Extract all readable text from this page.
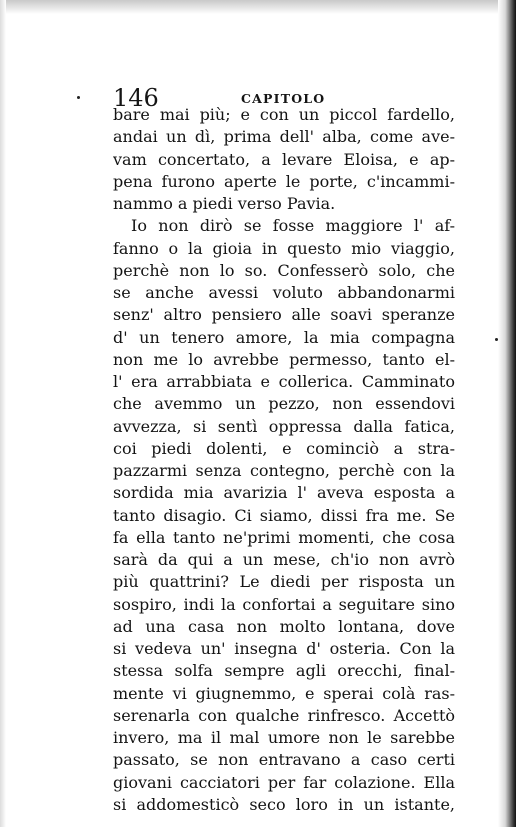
146	CAPITOLO
bare mai più; e con un piccol fardello,
andai un dì, prima dell' alba, come ave-
vam concertato, a levare Eloisa, e ap-
pena furono aperte le porte, c'incammi-
nammo a piedi verso Pavia.
Io non dirò se fosse maggiore l' af-
fanno o la gioia in questo mio viaggio,
perchè non lo so. Confesserò solo, che
se anche avessi voluto abbandonarmi
senz' altro pensiero alle soavi speranze
d' un tenero amore, la mia compagna
non me lo avrebbe permesso, tanto el-
l' era arrabbiata e collerica. Camminato
che avemmo un pezzo, non essendovi
avvezza, si sentì oppressa dalla fatica,
coi piedi dolenti, e cominciò a stra-
pazzarmi senza contegno, perchè con la
sordida mia avarizia l' aveva esposta a
tanto disagio. Ci siamo, dissi fra me. Se
fa ella tanto ne'primi momenti, che cosa
sarà da qui a un mese, ch'io non avrò
più quattrini? Le diedi per risposta un
sospiro, indi la confortai a seguitare sino
ad una casa non molto lontana, dove
si vedeva un' insegna d' osteria. Con la
stessa solfa sempre agli orecchi, final-
mente vi giugnemmo, e sperai colà ras-
serenarla con qualche rinfresco. Accettò
invero, ma il mal umore non le sarebbe
passato, se non entravano a caso certi
giovani cacciatori per far colazione. Ella
si addomesticò seco loro in un istante,
